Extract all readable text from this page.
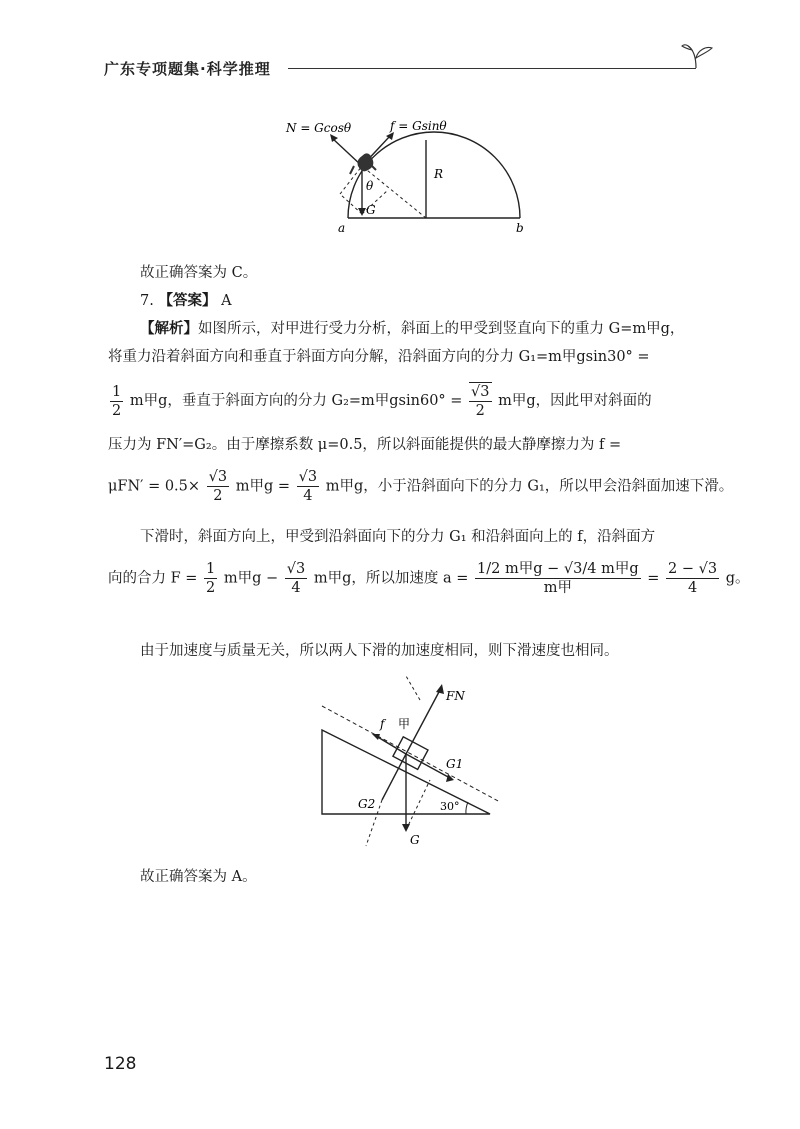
广东专项题集·科学推理
N = Gcosθ	f = Gsinθ
R
θ
G
a	b
故正确答案为 C。
7. 【答案】 A
【解析】如图所示，对甲进行受力分析，斜面上的甲受到竖直向下的重力 G=m甲g，
将重力沿着斜面方向和垂直于斜面方向分解，沿斜面方向的分力 G₁=m甲gsin30° =
$\frac{1}{2}$ m甲g，垂直于斜面方向的分力 G₂=m甲$gsin60^\circ = \frac{√3}{2}$ m甲g，因此甲对斜面的
压力为 FN′=G₂。由于摩擦系数 μ=0.5，所以斜面能提供的最大静摩擦力为 f =
$\mu FN' = 0.5\times \frac{√3}{2}$ m甲$g = \frac{√3}{4}$ m甲g，小于沿斜面向下的分力 G₁，所以甲会沿斜面加速下滑。
下滑时，斜面方向上，甲受到沿斜面向下的分力 G₁ 和沿斜面向上的 f，沿斜面方
向的合力 $F = \frac{1}{2}$ m甲$g - \frac{√3}{4}$ m甲g，所以加速度 $a = \frac{\text{1/2 m甲g − √3/4 m甲g}}{\text{m甲}} = \frac{2 - √3}{4}$ g。
由于加速度与质量无关，所以两人下滑的加速度相同，则下滑速度也相同。
FN
f 甲
G1
G2
G
30°
故正确答案为 A。
128
